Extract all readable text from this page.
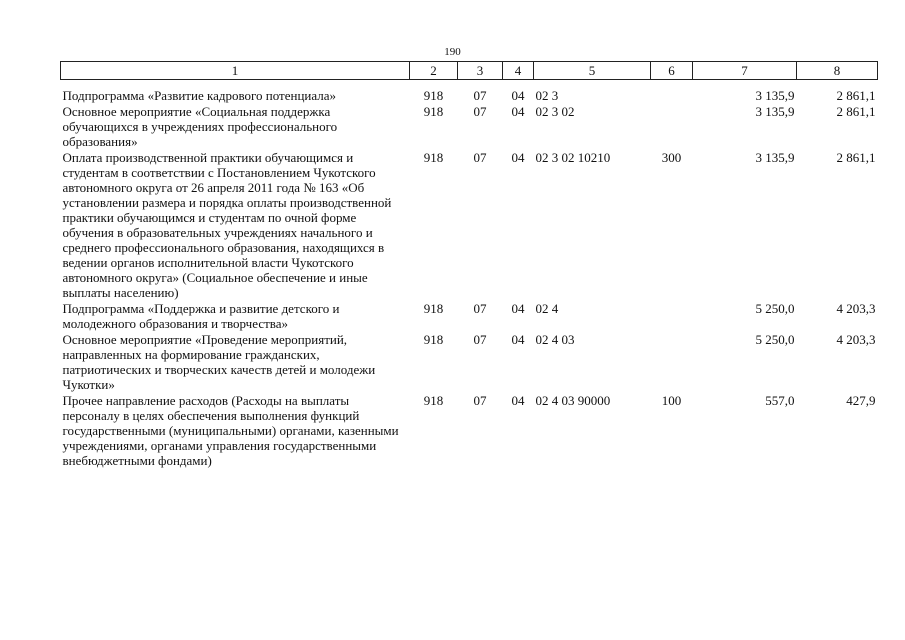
190
1	2	3	4	5	6	7	8
Подпрограмма «Развитие кадрового потенциала»	918	07	04	02 3		3 135,9	2 861,1
Основное мероприятие «Социальная поддержка обучающихся в учреждениях профессионального образования»	918	07	04	02 3 02		3 135,9	2 861,1
Оплата производственной практики обучающимся и студентам в соответствии с Постановлением Чукотского автономного округа от 26 апреля 2011 года № 163 «Об установлении размера и порядка оплаты производственной практики обучающимся и студентам по очной форме обучения в образовательных учреждениях начального и среднего профессионального образования, находящихся в ведении органов исполнительной власти Чукотского автономного округа» (Социальное обеспечение и иные выплаты населению)	918	07	04	02 3 02 10210	300	3 135,9	2 861,1
Подпрограмма «Поддержка и развитие детского и молодежного образования и творчества»	918	07	04	02 4		5 250,0	4 203,3
Основное мероприятие «Проведение мероприятий, направленных на формирование гражданских, патриотических и творческих качеств детей и молодежи Чукотки»	918	07	04	02 4 03		5 250,0	4 203,3
Прочее направление расходов (Расходы на выплаты персоналу в целях обеспечения выполнения функций государственными (муниципальными) органами, казенными учреждениями, органами управления государственными внебюджетными фондами)	918	07	04	02 4 03 90000	100	557,0	427,9
